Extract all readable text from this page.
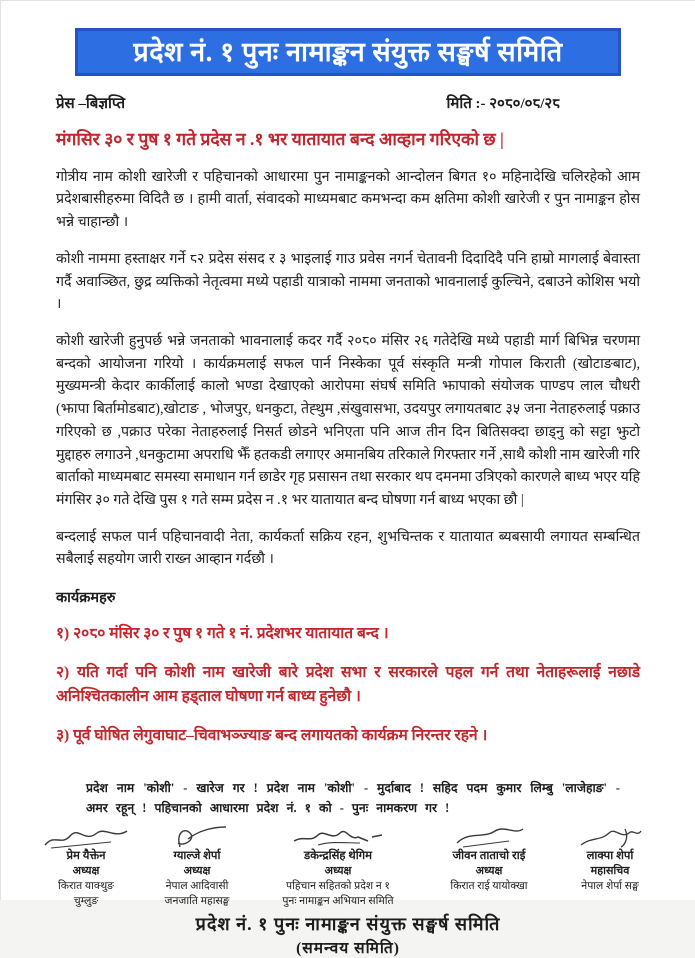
प्रदेश नं. १ पुनः नामाङ्कन संयुक्त सङ्घर्ष समिति
प्रेस –बिज्ञप्ति	मिति :- २०८०/०८/२८
मंगसिर ३० र पुष १ गते प्रदेस न .१ भर यातायात बन्द आव्हान गरिएको छ |

गोत्रीय नाम कोशी खारेजी र पहिचानको आधारमा पुन नामाङ्कनको आन्दोलन बिगत १० महिनादेखि चलिरहेको आम प्रदेशबासीहरुमा विदितै छ । हामी वार्ता, संवादको माध्यमबाट कमभन्दा कम क्षतिमा कोशी खारेजी र पुन नामाङ्कन होस भन्ने चाहान्छौ ।

कोशी नाममा हस्ताक्षर गर्ने ८२ प्रदेस संसद र ३ भाइलाई गाउ प्रवेस नगर्न चेतावनी दिदादिदै पनि हाम्रो मागलाई बेवास्ता गर्दै अवाञ्छित, छुद्र व्यक्तिको नेतृत्वमा मध्ये पहाडी यात्राको नाममा जनताको भावनालाई कुल्चिने, दबाउने कोशिस भयो ।

कोशी खारेजी हुनुपर्छ भन्ने जनताको भावनालाई कदर गर्दै २०८० मंसिर २६ गतेदेखि मध्ये पहाडी मार्ग बिभिन्न चरणमा बन्दको आयोजना गरियो । कार्यक्रमलाई सफल पार्न निस्केका पूर्व संस्कृति मन्त्री गोपाल किराती (खोटाङबाट), मुख्यमन्त्री केदार कार्कीलाई कालो भण्डा देखाएको आरोपमा संघर्ष समिति झापाको संयोजक पाण्डप लाल चौधरी (झापा बिर्तामोडबाट),खोटाङ , भोजपुर, धनकुटा, तेह्थुम ,संखुवासभा, उदयपुर लगायतबाट ३५ जना नेताहरुलाई पक्राउ गरिएको छ ,पक्राउ परेका नेताहरुलाई निसर्त छोडने भनिएता पनि आज तीन दिन बितिसक्दा छाड्नु को सट्टा झुटो मुद्दाहरु लगाउने ,धनकुटामा अपराधि झैँ हतकडी लगाएर अमानबिय तरिकाले गिरफ्तार गर्ने ,साथै कोशी नाम खारेजी गरि बार्ताको माध्यमबाट समस्या समाधान गर्न छाडेर गृह प्रसासन तथा सरकार थप दमनमा उत्रिएको कारणले बाध्य भएर यहि मंगसिर ३० गते देखि पुस १ गते सम्म प्रदेस न .१ भर यातायात बन्द घोषणा गर्न बाध्य भएका छौ |

बन्दलाई सफल पार्न पहिचानवादी नेता, कार्यकर्ता सक्रिय रहन, शुभचिन्तक र यातायात ब्यबसायी लगायत सम्बन्धित सबैलाई सहयोग जारी राख्न आव्हान गर्दछौ ।

कार्यक्रमहरु

१) २०८० मंसिर ३० र पुष १ गते १ नं. प्रदेशभर यातायात बन्द ।

२) यति गर्दा पनि कोशी नाम खारेजी बारे प्रदेश सभा र सरकारले पहल गर्न तथा नेताहरूलाई नछाडे अनिश्चितकालीन आम हड्ताल घोषणा गर्न बाध्य हुनेछौ ।

३) पूर्व घोषित लेगुवाघाट–चिवाभञ्ज्याङ बन्द लगायतको कार्यक्रम निरन्तर रहने ।

प्रदेश नाम 'कोशी' - खारेज गर ! प्रदेश नाम 'कोशी' - मुर्दाबाद ! सहिद पदम कुमार लिम्बु 'लाजेहाङ' - अमर रहून् ! पहिचानको आधारमा प्रदेश नं. १ को - पुनः नामकरण गर !

प्रेम यैक्तेन
अध्यक्ष
किरात याक्थुङ
चुम्लुङ
ग्याल्जे शेर्पा
अध्यक्ष
नेपाल आदिवासी
जनजाति महासङ्घ
डकेन्द्रसिंह थेगिम
अध्यक्ष
पहिचान सहितको प्रदेश न १
पुनः नामाङ्कन अभियान समिति
जीवन ताताचो राई
अध्यक्ष
किरात राई यायोक्खा
लाक्पा शेर्पा
महासचिव
नेपाल शेर्पा सङ्घ
प्रदेश नं. १ पुनः नामाङ्कन संयुक्त सङ्घर्ष समिति
(समन्वय समिति)
